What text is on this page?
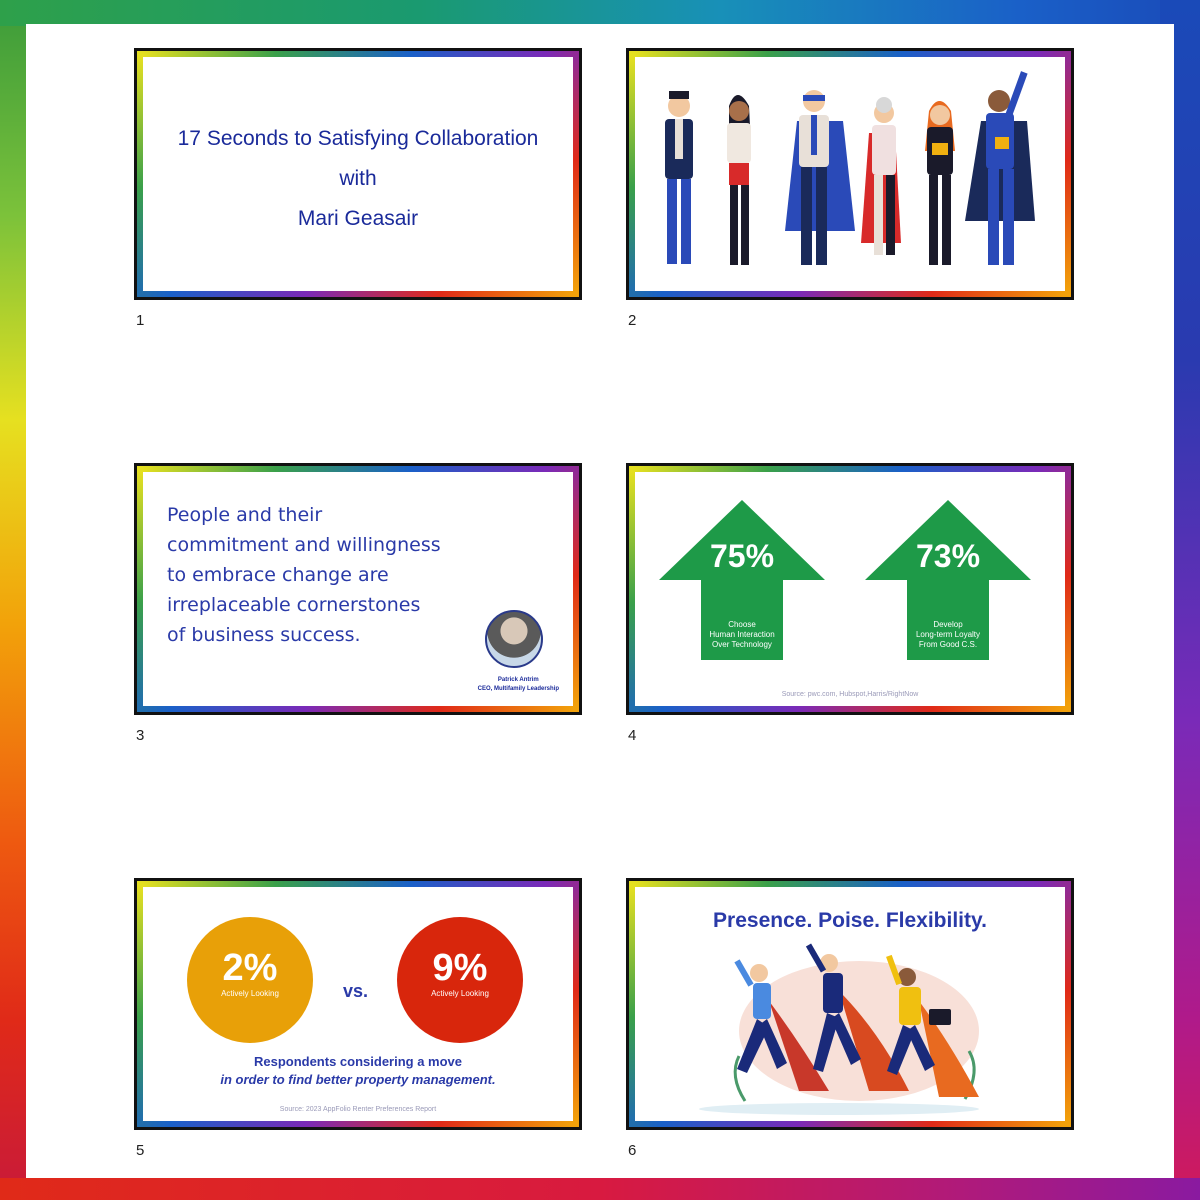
17 Seconds to Satisfying Collaboration
with
Mari Geasair
1	2
People and their
commitment and willingness
to embrace change are
irreplaceable cornerstones
of business success.
Patrick Antrim
CEO, Multifamily Leadership
3
75%
Choose
Human Interaction
Over Technology
73%
Develop
Long-term Loyalty
From Good C.S.
Source: pwc.com, Hubspot,Harris/RightNow
4
2%
Actively Looking	vs.
9%
Actively Looking
Respondents considering a move
in order to find better property management.
Source: 2023 AppFolio Renter Preferences Report
5
Presence. Poise. Flexibility.
6
